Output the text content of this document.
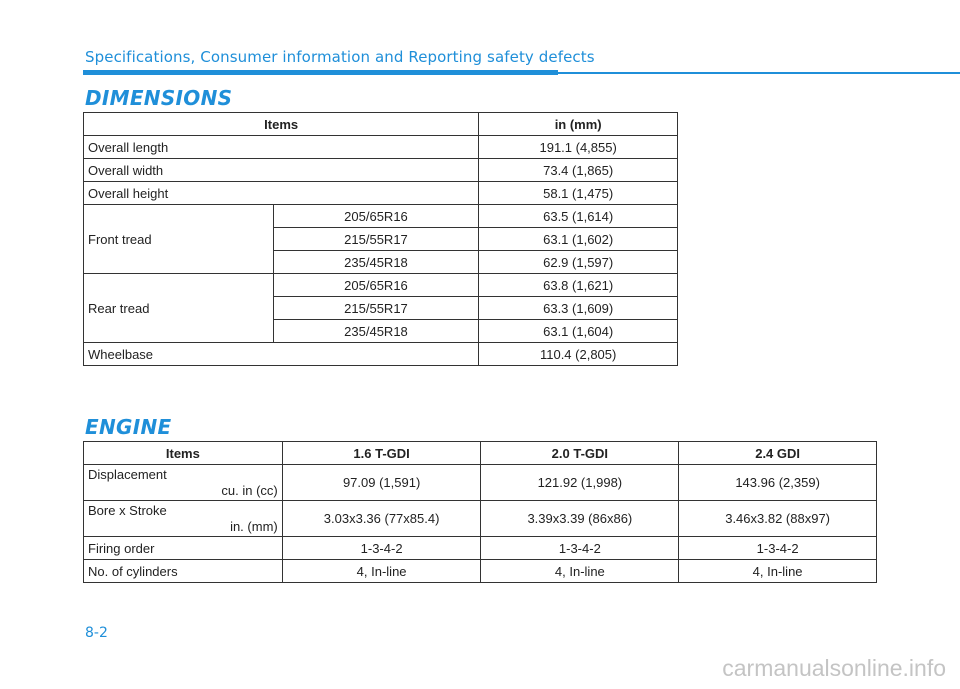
Specifications, Consumer information and Reporting safety defects
DIMENSIONS
Items		in (mm)
Overall length		191.1 (4,855)
Overall width		73.4 (1,865)
Overall height		58.1 (1,475)
Front tread	205/65R16	63.5 (1,614)
	215/55R17	63.1 (1,602)
	235/45R18	62.9 (1,597)
Rear tread	205/65R16	63.8 (1,621)
	215/55R17	63.3 (1,609)
	235/45R18	63.1 (1,604)
Wheelbase		110.4 (2,805)
ENGINE
Items	1.6 T-GDI	2.0 T-GDI	2.4 GDI

Displacement
cu. in (cc)	97.09 (1,591)	121.92 (1,998)	143.96 (2,359)

Bore x Stroke
in. (mm)	3.03x3.36 (77x85.4)	3.39x3.39 (86x86)	3.46x3.82 (88x97)
Firing order	1-3-4-2	1-3-4-2	1-3-4-2
No. of cylinders	4, In-line	4, In-line	4, In-line
8-2
carmanualsonline.info
